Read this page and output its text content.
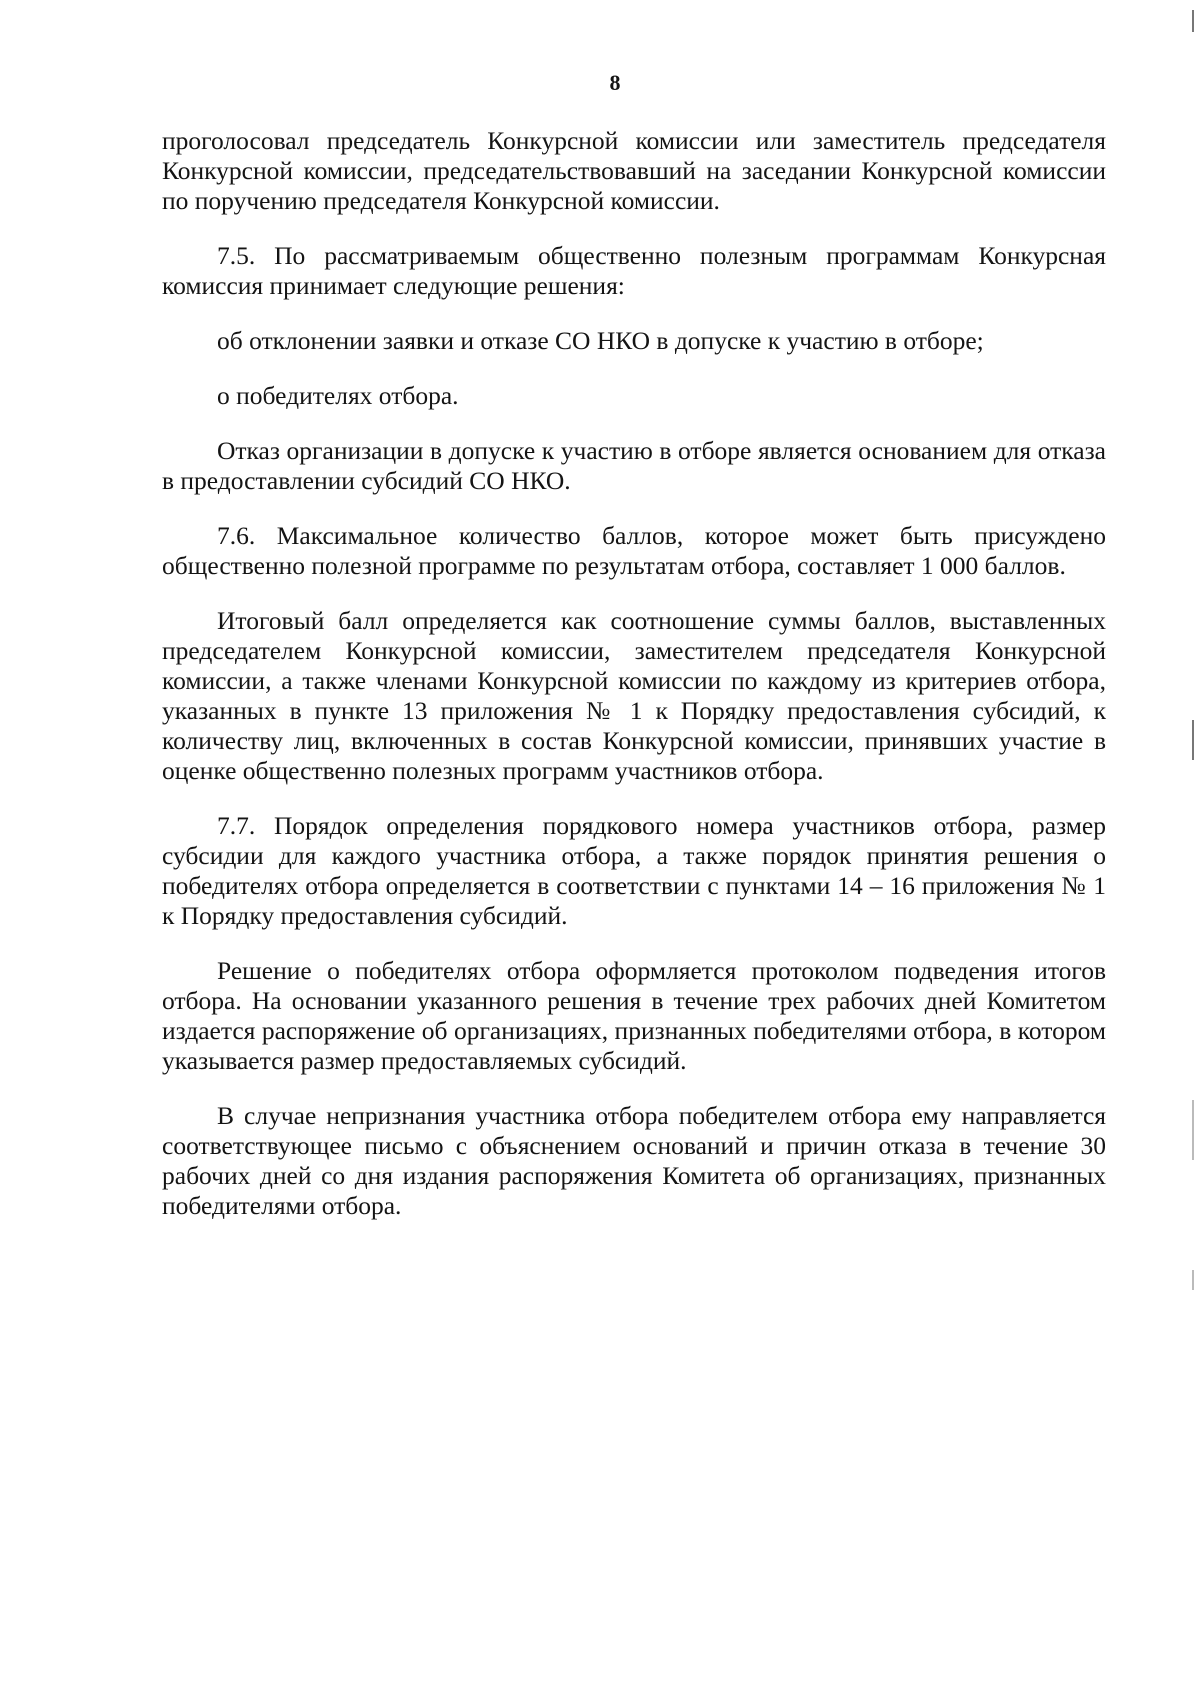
8

проголосовал председатель Конкурсной комиссии или заместитель председателя Конкурсной комиссии, председательствовавший на заседании Конкурсной комиссии по поручению председателя Конкурсной комиссии.

7.5. По рассматриваемым общественно полезным программам Конкурсная комиссия принимает следующие решения:

об отклонении заявки и отказе СО НКО в допуске к участию в отборе;

о победителях отбора.

Отказ организации в допуске к участию в отборе является основанием для отказа в предоставлении субсидий СО НКО.

7.6. Максимальное количество баллов, которое может быть присуждено общественно полезной программе по результатам отбора, составляет 1 000 баллов.

Итоговый балл определяется как соотношение суммы баллов, выставленных председателем Конкурсной комиссии, заместителем председателя Конкурсной комиссии, а также членами Конкурсной комиссии по каждому из критериев отбора, указанных в пункте 13 приложения № 1 к Порядку предоставления субсидий, к количеству лиц, включенных в состав Конкурсной комиссии, принявших участие в оценке общественно полезных программ участников отбора.

7.7. Порядок определения порядкового номера участников отбора, размер субсидии для каждого участника отбора, а также порядок принятия решения о победителях отбора определяется в соответствии с пунктами 14 – 16 приложения № 1 к Порядку предоставления субсидий.

Решение о победителях отбора оформляется протоколом подведения итогов отбора. На основании указанного решения в течение трех рабочих дней Комитетом издается распоряжение об организациях, признанных победителями отбора, в котором указывается размер предоставляемых субсидий.

В случае непризнания участника отбора победителем отбора ему направляется соответствующее письмо с объяснением оснований и причин отказа в течение 30 рабочих дней со дня издания распоряжения Комитета об организациях, признанных победителями отбора.
